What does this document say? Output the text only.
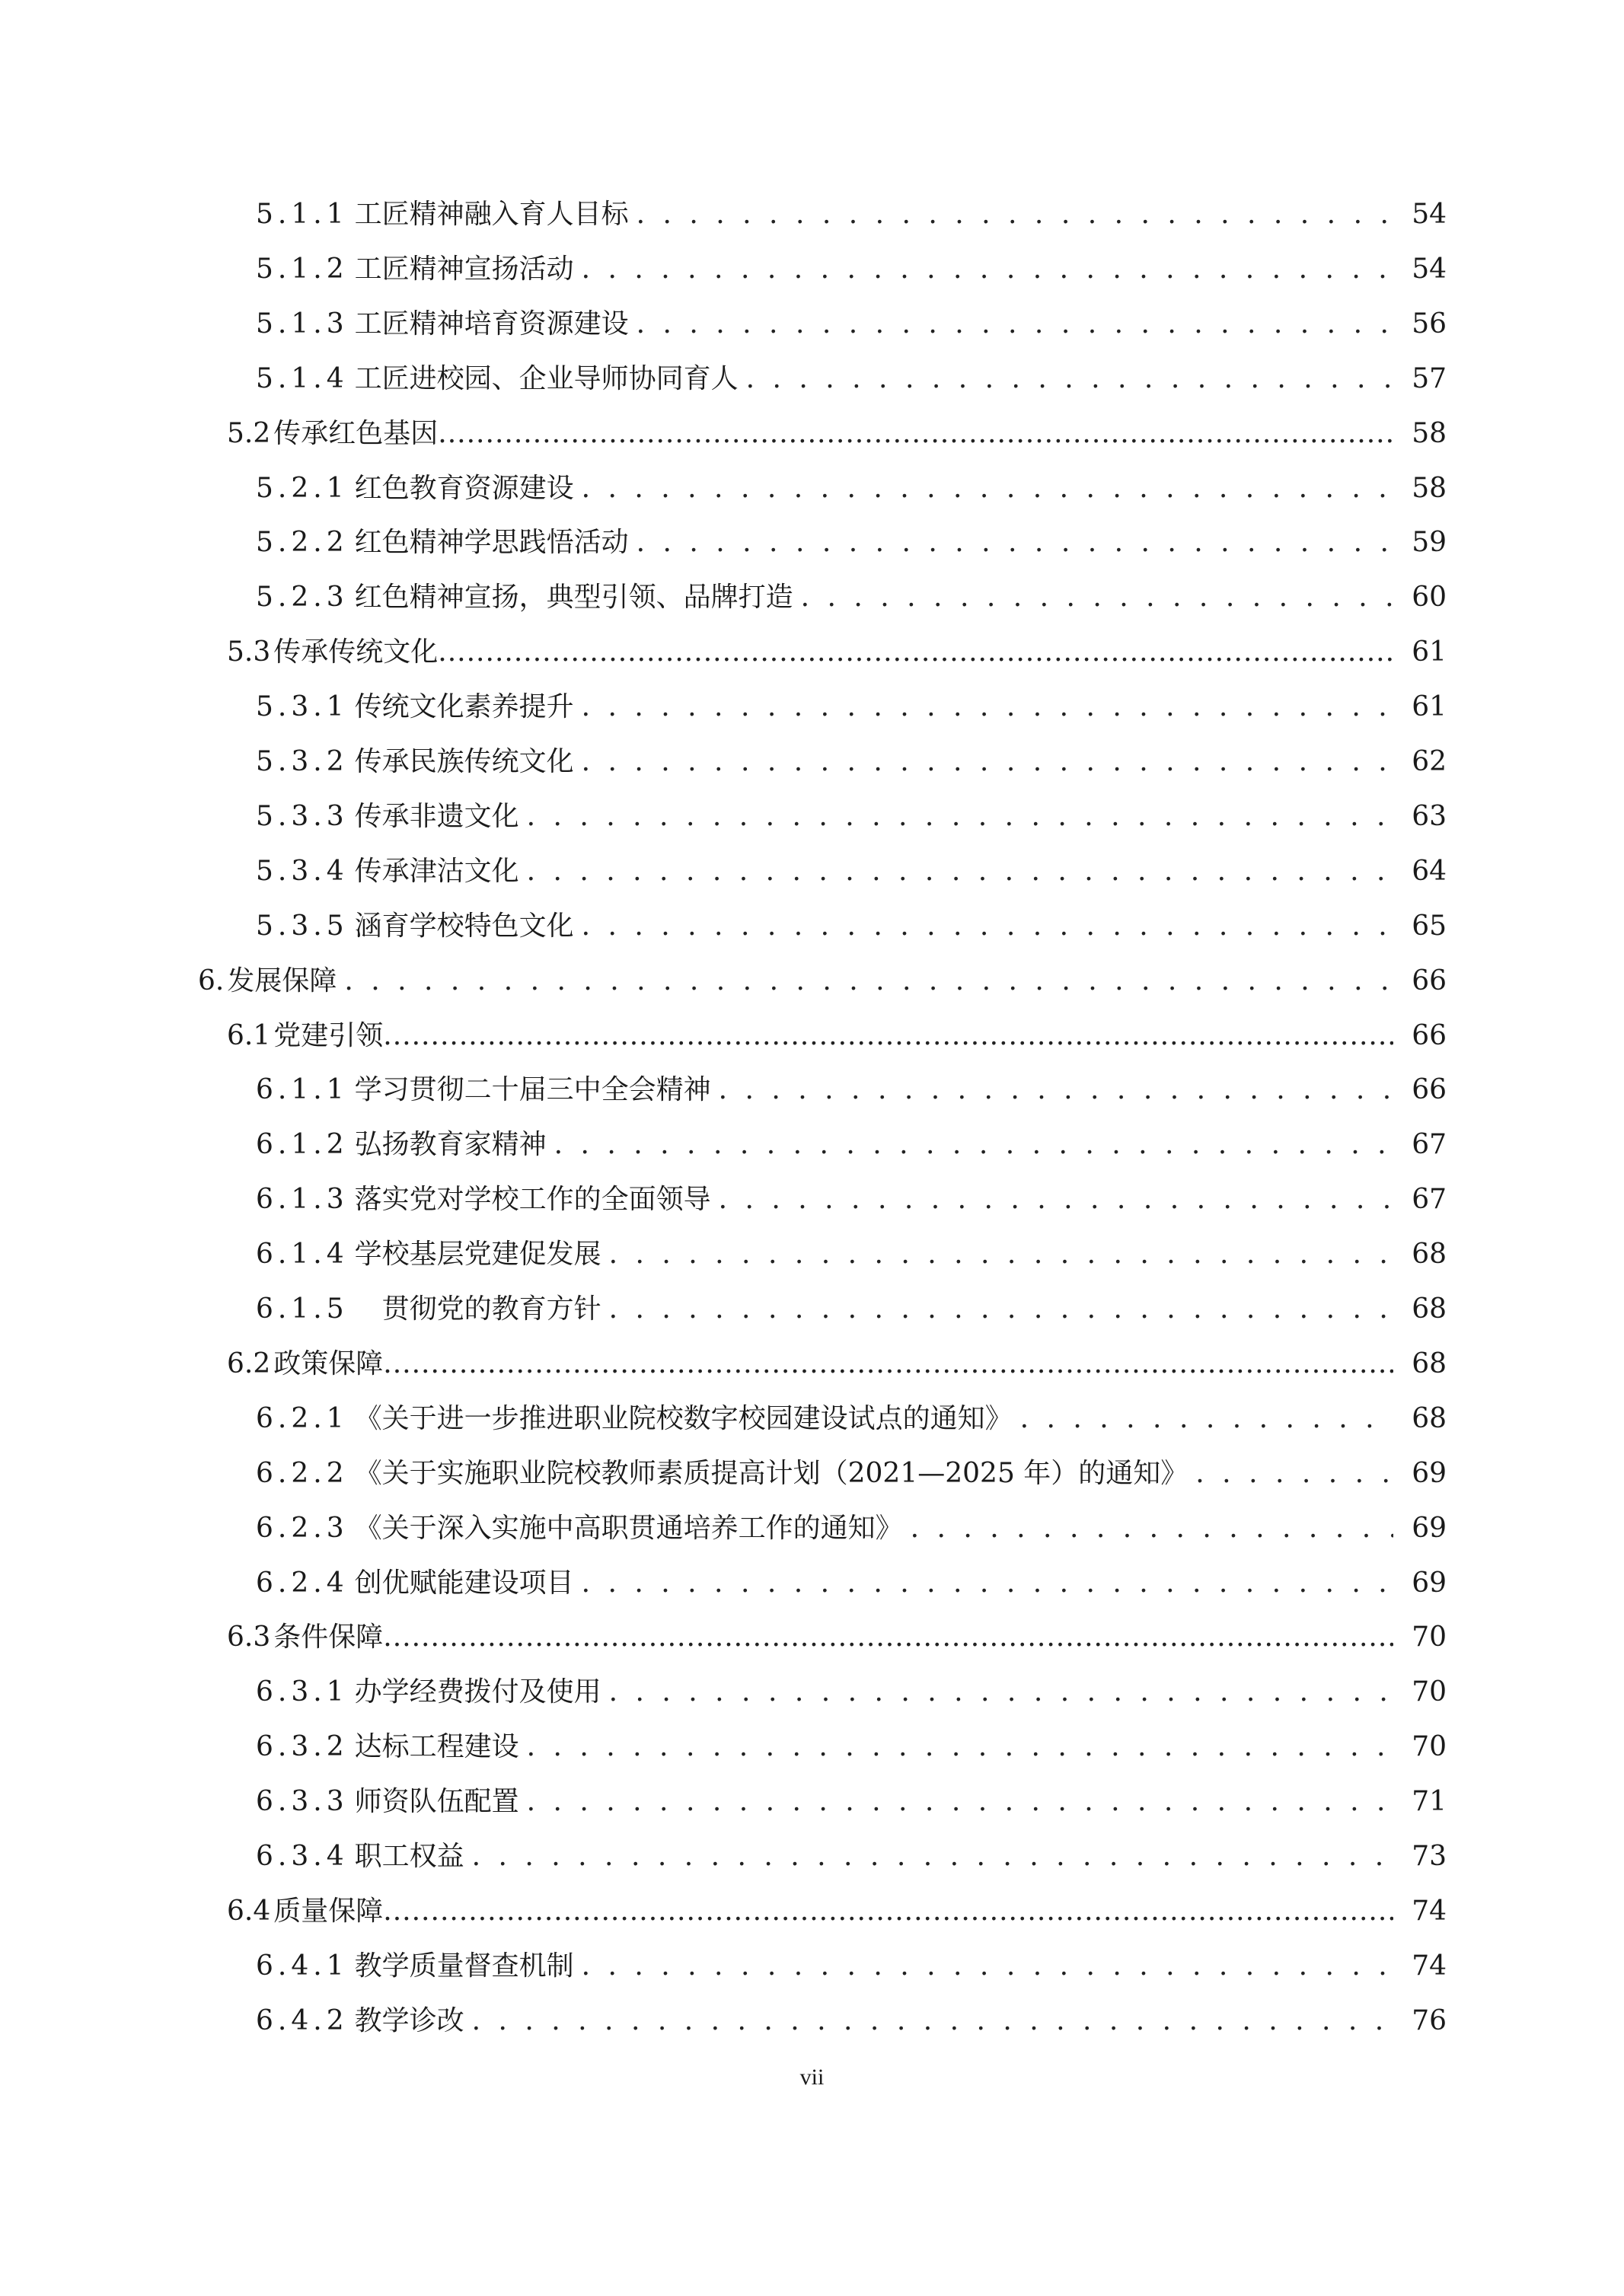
5.1.1 工匠精神融入育人目标 . . .	54
5.1.2 工匠精神宣扬活动 . . .	54
5.1.3 工匠精神培育资源建设 . . .	56
5.1.4 工匠进校园、企业导师协同育人 . . .	57
5.2 传承红色基因 .....	58
5.2.1 红色教育资源建设 . . .	58
5.2.2 红色精神学思践悟活动 . . .	59
5.2.3 红色精神宣扬，典型引领、品牌打造 . . .	60
5.3 传承传统文化 .....	61
5.3.1 传统文化素养提升 . . .	61
5.3.2 传承民族传统文化 . . .	62
5.3.3 传承非遗文化 . . .	63
5.3.4 传承津沽文化 . . .	64
5.3.5 涵育学校特色文化 . . .	65
6. 发展保障 . . .	66
6.1 党建引领 .....	66
6.1.1 学习贯彻二十届三中全会精神 . . .	66
6.1.2 弘扬教育家精神 . . .	67
6.1.3 落实党对学校工作的全面领导 . . .	67
6.1.4 学校基层党建促发展 . . .	68
6.1.5 　贯彻党的教育方针 . . .	68
6.2 政策保障 .....	68
6.2.1 《关于进一步推进职业院校数字校园建设试点的通知》 . . .	68
6.2.2 《关于实施职业院校教师素质提高计划（2021—2025 年）的通知》 . . .	69
6.2.3 《关于深入实施中高职贯通培养工作的通知》 . . .	69
6.2.4 创优赋能建设项目 . . .	69
6.3 条件保障 .....	70
6.3.1 办学经费拨付及使用 . . .	70
6.3.2 达标工程建设 . . .	70
6.3.3 师资队伍配置 . . .	71
6.3.4 职工权益 . . .	73
6.4 质量保障 .....	74
6.4.1 教学质量督查机制 . . .	74
6.4.2 教学诊改 . . .	76
vii
